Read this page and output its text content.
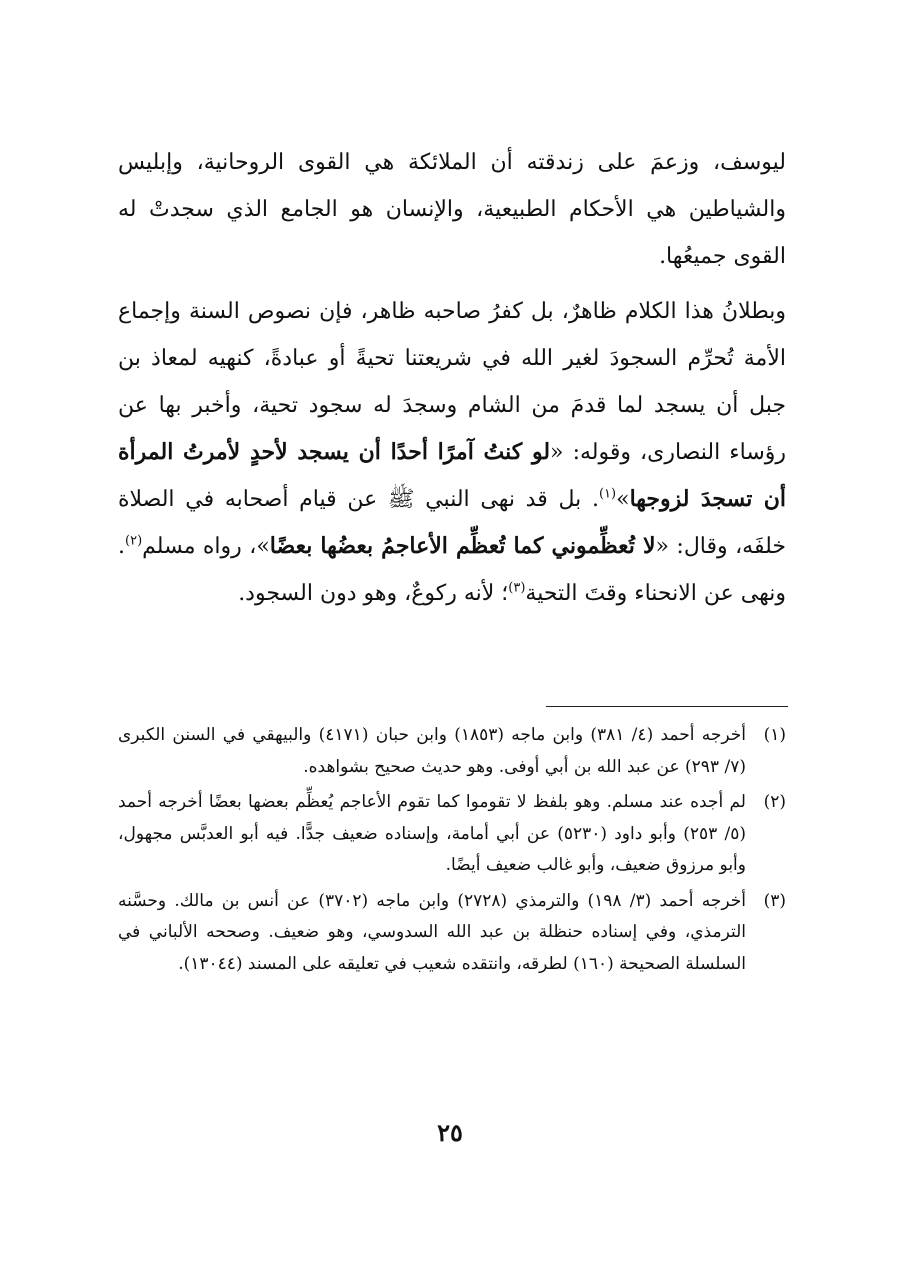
ليوسف، وزعمَ على زندقته أن الملائكة هي القوى الروحانية، وإبليس والشياطين هي الأحكام الطبيعية، والإنسان هو الجامع الذي سجدتْ له القوى جميعُها.

وبطلانُ هذا الكلام ظاهرٌ، بل كفرُ صاحبه ظاهر، فإن نصوص السنة وإجماع الأمة تُحرِّم السجودَ لغير الله في شريعتنا تحيةً أو عبادةً، كنهيه لمعاذ بن جبل أن يسجد لما قدمَ من الشام وسجدَ له سجود تحية، وأخبر بها عن رؤساء النصارى، وقوله: «لو كنتُ آمرًا أحدًا أن يسجد لأحدٍ لأمرتُ المرأة أن تسجدَ لزوجها»$^{(١)}$. بل قد نهى النبي ﷺ عن قيام أصحابه في الصلاة خلفَه، وقال: «لا تُعظِّموني كما تُعظِّم الأعاجمُ بعضُها بعضًا»، رواه مسلم$^{(٢)}$. ونهى عن الانحناء وقتَ التحية$^{(٣)}$؛ لأنه ركوعٌ، وهو دون السجود.

(١)
أخرجه أحمد (٤/ ٣٨١) وابن ماجه (١٨٥٣) وابن حبان (٤١٧١) والبيهقي في السنن الكبرى (٧/ ٢٩٣) عن عبد الله بن أبي أوفى. وهو حديث صحيح بشواهده.
(٢)
لم أجده عند مسلم. وهو بلفظ لا تقوموا كما تقوم الأعاجم يُعظِّم بعضها بعضًا أخرجه أحمد (٥/ ٢٥٣) وأبو داود (٥٢٣٠) عن أبي أمامة، وإسناده ضعيف جدًّا. فيه أبو العدبَّس مجهول، وأبو مرزوق ضعيف، وأبو غالب ضعيف أيضًا.
(٣)
أخرجه أحمد (٣/ ١٩٨) والترمذي (٢٧٢٨) وابن ماجه (٣٧٠٢) عن أنس بن مالك. وحسَّنه الترمذي، وفي إسناده حنظلة بن عبد الله السدوسي، وهو ضعيف. وصححه الألباني في السلسلة الصحيحة (١٦٠) لطرقه، وانتقده شعيب في تعليقه على المسند (١٣٠٤٤).
٢٥
